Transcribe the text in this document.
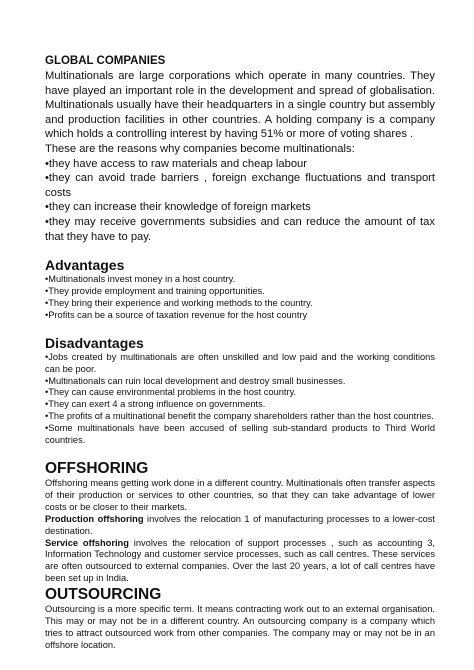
GLOBAL COMPANIES

Multinationals are large corporations which operate in many countries. They have played an important role in the development and spread of globalisation. Multinationals usually have their headquarters in a single country but assembly and production facilities in other countries. A holding company is a company which holds a controlling interest by having 51% or more of voting shares .

These are the reasons why companies become multinationals:

•they have access to raw materials and cheap labour
•they can avoid trade barriers , foreign exchange fluctuations and transport costs
•they can increase their knowledge of foreign markets
•they may receive governments subsidies and can reduce the amount of tax that they have to pay.

Advantages

•Multinationals invest money in a host country.
•They provide employment and training opportunities.
•They bring their experience and working methods to the country.
•Profits can be a source of taxation revenue for the host country

Disadvantages

•Jobs created by multinationals are often unskilled and low paid and the working conditions can be poor.
•Multinationals can ruin local development and destroy small businesses.
•They can cause environmental problems in the host country.
•They can exert 4 a strong influence on governments.
•The profits of a multinational benefit the company shareholders rather than the host countries.
•Some multinationals have been accused of selling sub-standard products to Third World countries.

OFFSHORING

Offshoring means getting work done in a different country. Multinationals often transfer aspects of their production or services to other countries, so that they can take advantage of lower costs or be closer to their markets.

Production offshoring involves the relocation 1 of manufacturing processes to a lower-cost destination.

Service offshoring involves the relocation of support processes , such as accounting 3, Information Technology and customer service processes, such as call centres. These services are often outsourced to external companies. Over the last 20 years, a lot of call centres have been set up in India.

OUTSOURCING

Outsourcing is a more specific term. It means contracting work out to an external organisation. This may or may not be in a different country. An outsourcing company is a company which tries to attract outsourced work from other companies. The company may or may not be in an offshore location.
